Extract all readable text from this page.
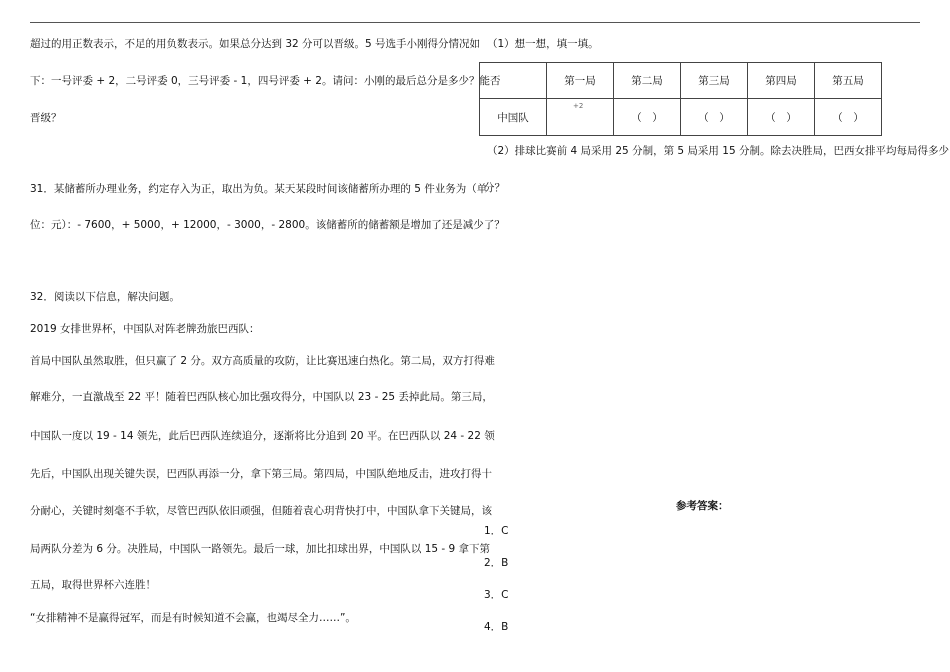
超过的用正数表示，不足的用负数表示。如果总分达到 32 分可以晋级。5 号选手小刚得分情况如
下：一号评委 + 2，二号评委 0，三号评委 - 1，四号评委 + 2。请问：小刚的最后总分是多少？能否
晋级？
31．某储蓄所办理业务，约定存入为正，取出为负。某天某段时间该储蓄所办理的 5 件业务为（单
位：元）：- 7600，+ 5000，+ 12000，- 3000，- 2800。该储蓄所的储蓄额是增加了还是减少了？
32．阅读以下信息，解决问题。
2019 女排世界杯，中国队对阵老牌劲旅巴西队：
首局中国队虽然取胜，但只赢了 2 分。双方高质量的攻防，让比赛迅速白热化。第二局，双方打得难
解难分，一直激战至 22 平！随着巴西队核心加比强攻得分，中国队以 23 - 25 丢掉此局。第三局，
中国队一度以 19 - 14 领先，此后巴西队连续追分，逐渐将比分追到 20 平。在巴西队以 24 - 22 领
先后，中国队出现关键失误，巴西队再添一分，拿下第三局。第四局，中国队绝地反击，进攻打得十
分耐心，关键时刻毫不手软，尽管巴西队依旧顽强，但随着袁心玥背快打中，中国队拿下关键局，该
局两队分差为 6 分。决胜局，中国队一路领先。最后一球，加比扣球出界，中国队以 15 - 9 拿下第
五局，取得世界杯六连胜！
“女排精神不是赢得冠军，而是有时候知道不会赢，也竭尽全力……”。
（1）想一想，填一填。
	第一局	第二局	第三局	第四局	第五局
中国队	+2	（　）	（　）	（　）	（　）
（2）排球比赛前 4 局采用 25 分制，第 5 局采用 15 分制。除去决胜局，巴西女排平均每局得多少
分？
参考答案：
1．C
2．B
3．C
4．B
